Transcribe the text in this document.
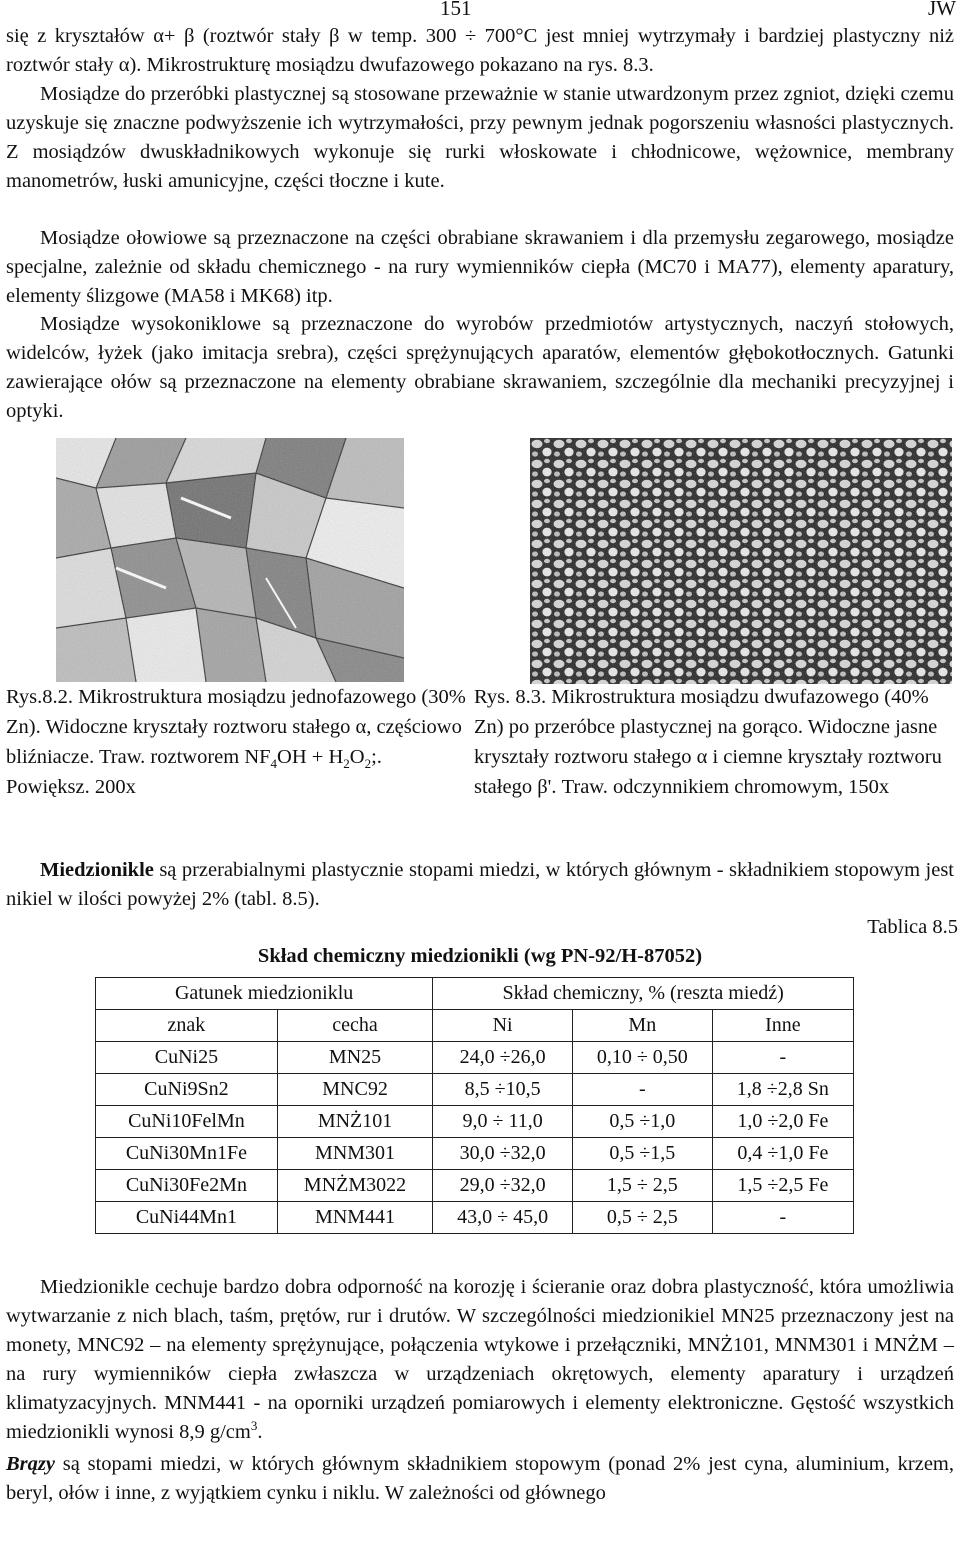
151	JW

się z kryształów α+ β (roztwór stały β w temp. 300 ÷ 700°C jest mniej wytrzymały i bardziej plastyczny niż roztwór stały α). Mikrostrukturę mosiądzu dwufazowego pokazano na rys. 8.3.

Mosiądze do przeróbki plastycznej są stosowane przeważnie w stanie utwardzonym przez zgniot, dzięki czemu uzyskuje się znaczne podwyższenie ich wytrzymałości, przy pewnym jednak pogorszeniu własności plastycznych. Z mosiądzów dwuskładnikowych wykonuje się rurki włoskowate i chłodnicowe, wężownice, membrany manometrów, łuski amunicyjne, części tłoczne i kute.

Mosiądze ołowiowe są przeznaczone na części obrabiane skrawaniem i dla przemysłu zegarowego, mosiądze specjalne, zależnie od składu chemicznego - na rury wymienników ciepła (MC70 i MA77), elementy aparatury, elementy ślizgowe (MA58 i MK68) itp.

Mosiądze wysokoniklowe są przeznaczone do wyrobów przedmiotów artystycznych, naczyń stołowych, widelców, łyżek (jako imitacja srebra), części sprężynujących aparatów, elementów głębokotłocznych. Gatunki zawierające ołów są przeznaczone na elementy obrabiane skrawaniem, szczególnie dla mechaniki precyzyjnej i optyki.

Rys.8.2. Mikrostruktura mosiądzu jednofazowego (30% Zn). Widoczne kryształy roztworu stałego α, częściowo bliźniacze. Traw. roztworem $NF_4OH + H_2O_2$;. Powiększ. 200x

Rys. 8.3. Mikrostruktura mosiądzu dwufazowego (40% Zn) po przeróbce plastycznej na gorąco. Widoczne jasne kryształy roztworu stałego α i ciemne kryształy roztworu stałego β'. Traw. odczynnikiem chromowym, 150x

Miedzionikle są przerabialnymi plastycznie stopami miedzi, w których głównym - składnikiem stopowym jest nikiel w ilości powyżej 2% (tabl. 8.5).

Tablica 8.5
Skład chemiczny miedzionikli (wg PN-92/H-87052)
Gatunek miedzioniklu		Skład chemiczny, % (reszta miedź)		
znak	cecha	Ni	Mn	Inne
CuNi25	MN25	24,0 ÷26,0	0,10 ÷ 0,50	-
CuNi9Sn2	MNC92	8,5 ÷10,5	-	1,8 ÷2,8 Sn
CuNi10FelMn	MNŻ101	9,0 ÷ 11,0	0,5 ÷1,0	1,0 ÷2,0 Fe
CuNi30Mn1Fe	MNM301	30,0 ÷32,0	0,5 ÷1,5	0,4 ÷1,0 Fe
CuNi30Fe2Mn	MNŻM3022	29,0 ÷32,0	1,5 ÷ 2,5	1,5 ÷2,5 Fe
CuNi44Mn1	MNM441	43,0 ÷ 45,0	0,5 ÷ 2,5	-

Miedzionikle cechuje bardzo dobra odporność na korozję i ścieranie oraz dobra plastyczność, która umożliwia wytwarzanie z nich blach, taśm, prętów, rur i drutów. W szczególności miedzionikiel MN25 przeznaczony jest na monety, MNC92 – na elementy sprężynujące, połączenia wtykowe i przełączniki, MNŻ101, MNM301 i MNŻM – na rury wymienników ciepła zwłaszcza w urządzeniach okrętowych, elementy aparatury i urządzeń klimatyzacyjnych. MNM441 - na oporniki urządzeń pomiarowych i elementy elektroniczne. Gęstość wszystkich miedzionikli wynosi 8,9 $g/cm^3$.

Brązy są stopami miedzi, w których głównym składnikiem stopowym (ponad 2% jest cyna, aluminium, krzem, beryl, ołów i inne, z wyjątkiem cynku i niklu. W zależności od głównego
